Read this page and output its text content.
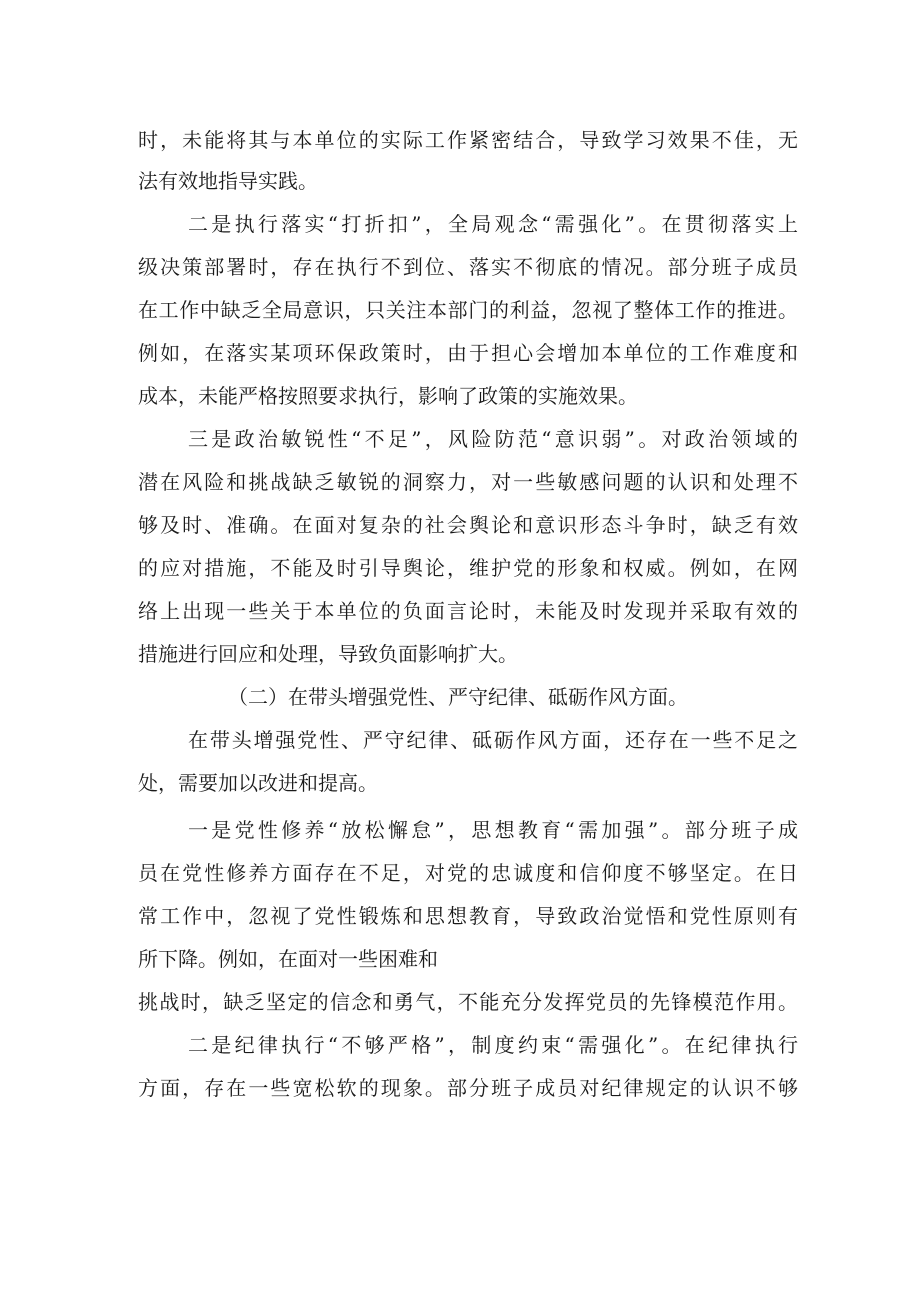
时，未能将其与本单位的实际工作紧密结合，导致学习效果不佳，无

法有效地指导实践。

二是执行落实“打折扣”，全局观念“需强化”。在贯彻落实上

级决策部署时，存在执行不到位、落实不彻底的情况。部分班子成员

在工作中缺乏全局意识，只关注本部门的利益，忽视了整体工作的推进。

例如，在落实某项环保政策时，由于担心会增加本单位的工作难度和

成本，未能严格按照要求执行，影响了政策的实施效果。

三是政治敏锐性“不足”，风险防范“意识弱”。对政治领域的

潜在风险和挑战缺乏敏锐的洞察力，对一些敏感问题的认识和处理不

够及时、准确。在面对复杂的社会舆论和意识形态斗争时，缺乏有效

的应对措施，不能及时引导舆论，维护党的形象和权威。例如，在网

络上出现一些关于本单位的负面言论时，未能及时发现并采取有效的

措施进行回应和处理，导致负面影响扩大。

（二）在带头增强党性、严守纪律、砥砺作风方面。

在带头增强党性、严守纪律、砥砺作风方面，还存在一些不足之

处，需要加以改进和提高。

一是党性修养“放松懈怠”，思想教育“需加强”。部分班子成

员在党性修养方面存在不足，对党的忠诚度和信仰度不够坚定。在日

常工作中，忽视了党性锻炼和思想教育，导致政治觉悟和党性原则有

所下降。例如，在面对一些困难和

挑战时，缺乏坚定的信念和勇气，不能充分发挥党员的先锋模范作用。

二是纪律执行“不够严格”，制度约束“需强化”。在纪律执行

方面，存在一些宽松软的现象。部分班子成员对纪律规定的认识不够
